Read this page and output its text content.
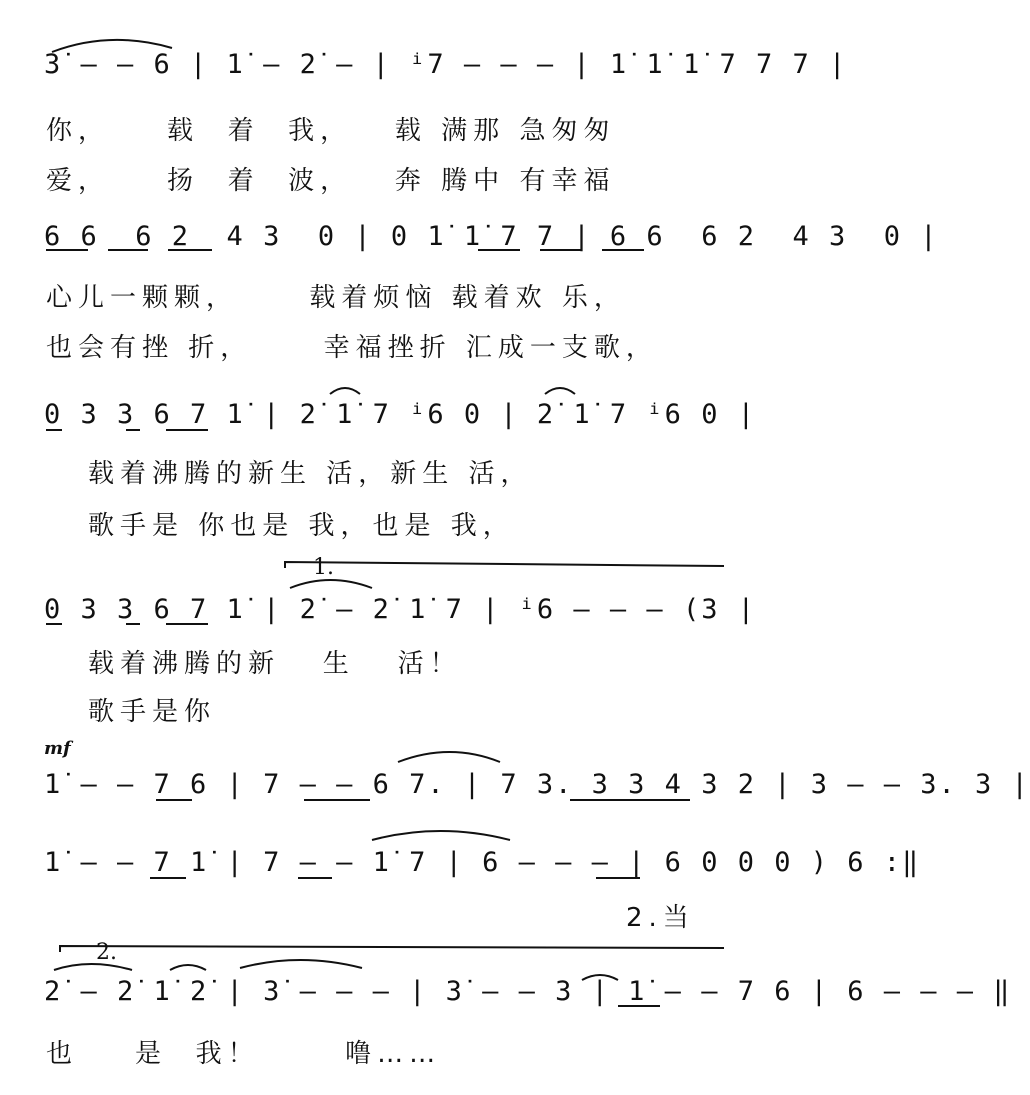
3̇ – – 6 | 1̇ – 2̇ – | ⁱ7 – – – | 1̇ 1̇ 1̇ 7 7 7 |
你，    载  着  我，   载 满那 急匆匆
爱，    扬  着  波，   奔 腾中 有幸福
6 6  6 2  4 3  0 | 0 1̇ 1̇ 7 7 | 6 6  6 2  4 3  0 |
心儿一颗颗，     载着烦恼 载着欢 乐，
也会有挫 折，     幸福挫折 汇成一支歌，
0 3 3 6 7 1̇ | 2̇ 1̇ 7 ⁱ6 0 | 2̇ 1̇ 7 ⁱ6 0 |
载着沸腾的新生 活，新生 活，
歌手是 你也是 我，也是 我，
1.
0 3 3 6 7 1̇ | 2̇ – 2̇ 1̇ 7 | ⁱ6 – – – (3 |
载着沸腾的新   生   活！
歌手是你
mf
1̇ – – 7 6 | 7 – – 6 7. | 7 3. 3 3 4 3 2 | 3 – – 3. 3 |
1̇ – – 7 1̇ | 7 – – 1̇ 7 | 6 – – – | 6 0 0 0 ) 6 :‖
2.当
2.
2̇ – 2̇ 1̇ 2̇ | 3̇ – – – | 3̇ – – 3 | 1̇ – – 7 6 | 6 – – – ‖
也    是  我！      噜……
